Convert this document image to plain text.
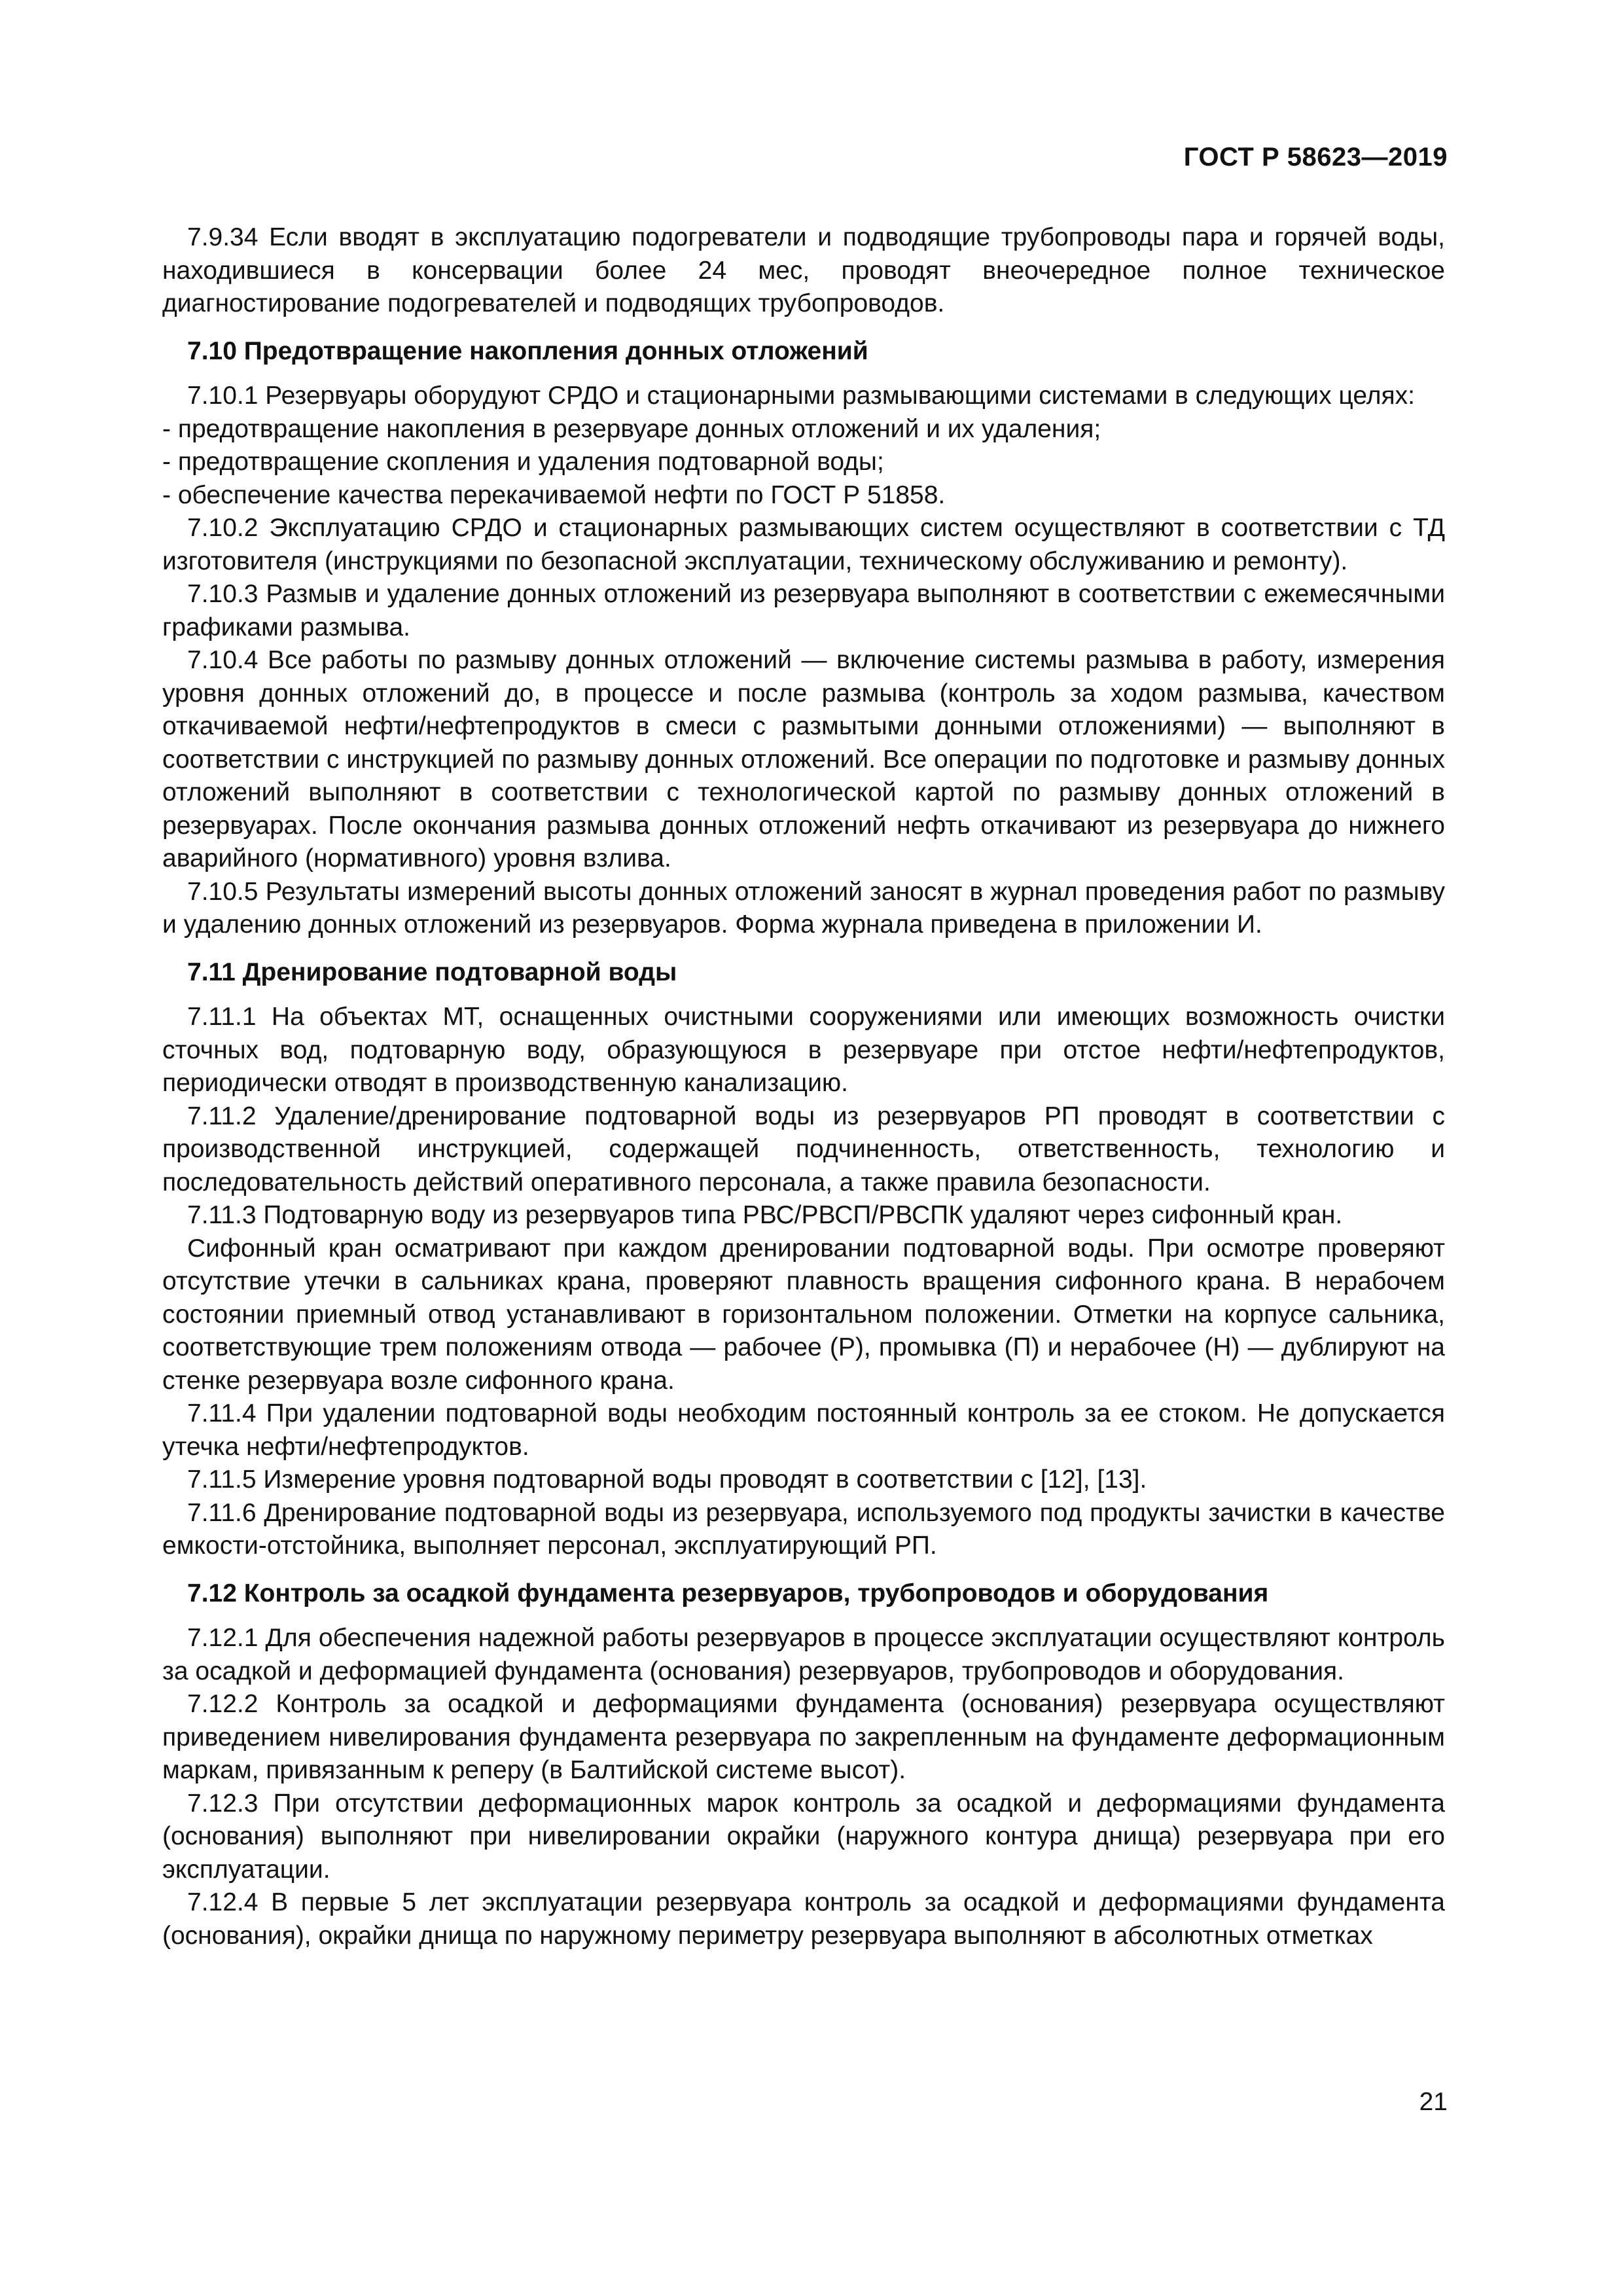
ГОСТ Р 58623—2019

7.9.34 Если вводят в эксплуатацию подогреватели и подводящие трубопроводы пара и горячей воды, находившиеся в консервации более 24 мес, проводят внеочередное полное техническое диагностирование подогревателей и подводящих трубопроводов.

7.10 Предотвращение накопления донных отложений

7.10.1 Резервуары оборудуют СРДО и стационарными размывающими системами в следующих целях:

- предотвращение накопления в резервуаре донных отложений и их удаления;

- предотвращение скопления и удаления подтоварной воды;

- обеспечение качества перекачиваемой нефти по ГОСТ Р 51858.

7.10.2 Эксплуатацию СРДО и стационарных размывающих систем осуществляют в соответствии с ТД изготовителя (инструкциями по безопасной эксплуатации, техническому обслуживанию и ремонту).

7.10.3 Размыв и удаление донных отложений из резервуара выполняют в соответствии с ежемесячными графиками размыва.

7.10.4 Все работы по размыву донных отложений — включение системы размыва в работу, измерения уровня донных отложений до, в процессе и после размыва (контроль за ходом размыва, качеством откачиваемой нефти/нефтепродуктов в смеси с размытыми донными отложениями) — выполняют в соответствии с инструкцией по размыву донных отложений. Все операции по подготовке и размыву донных отложений выполняют в соответствии с технологической картой по размыву донных отложений в резервуарах. После окончания размыва донных отложений нефть откачивают из резервуара до нижнего аварийного (нормативного) уровня взлива.

7.10.5 Результаты измерений высоты донных отложений заносят в журнал проведения работ по размыву и удалению донных отложений из резервуаров. Форма журнала приведена в приложении И.

7.11 Дренирование подтоварной воды

7.11.1 На объектах МТ, оснащенных очистными сооружениями или имеющих возможность очистки сточных вод, подтоварную воду, образующуюся в резервуаре при отстое нефти/нефтепродуктов, периодически отводят в производственную канализацию.

7.11.2 Удаление/дренирование подтоварной воды из резервуаров РП проводят в соответствии с производственной инструкцией, содержащей подчиненность, ответственность, технологию и последовательность действий оперативного персонала, а также правила безопасности.

7.11.3 Подтоварную воду из резервуаров типа РВС/РВСП/РВСПК удаляют через сифонный кран.

Сифонный кран осматривают при каждом дренировании подтоварной воды. При осмотре проверяют отсутствие утечки в сальниках крана, проверяют плавность вращения сифонного крана. В нерабочем состоянии приемный отвод устанавливают в горизонтальном положении. Отметки на корпусе сальника, соответствующие трем положениям отвода — рабочее (Р), промывка (П) и нерабочее (Н) — дублируют на стенке резервуара возле сифонного крана.

7.11.4 При удалении подтоварной воды необходим постоянный контроль за ее стоком. Не допускается утечка нефти/нефтепродуктов.

7.11.5 Измерение уровня подтоварной воды проводят в соответствии с [12], [13].

7.11.6 Дренирование подтоварной воды из резервуара, используемого под продукты зачистки в качестве емкости-отстойника, выполняет персонал, эксплуатирующий РП.

7.12 Контроль за осадкой фундамента резервуаров, трубопроводов и оборудования

7.12.1 Для обеспечения надежной работы резервуаров в процессе эксплуатации осуществляют контроль за осадкой и деформацией фундамента (основания) резервуаров, трубопроводов и оборудования.

7.12.2 Контроль за осадкой и деформациями фундамента (основания) резервуара осуществляют приведением нивелирования фундамента резервуара по закрепленным на фундаменте деформационным маркам, привязанным к реперу (в Балтийской системе высот).

7.12.3 При отсутствии деформационных марок контроль за осадкой и деформациями фундамента (основания) выполняют при нивелировании окрайки (наружного контура днища) резервуара при его эксплуатации.

7.12.4 В первые 5 лет эксплуатации резервуара контроль за осадкой и деформациями фундамента (основания), окрайки днища по наружному периметру резервуара выполняют в абсолютных отметках

21
